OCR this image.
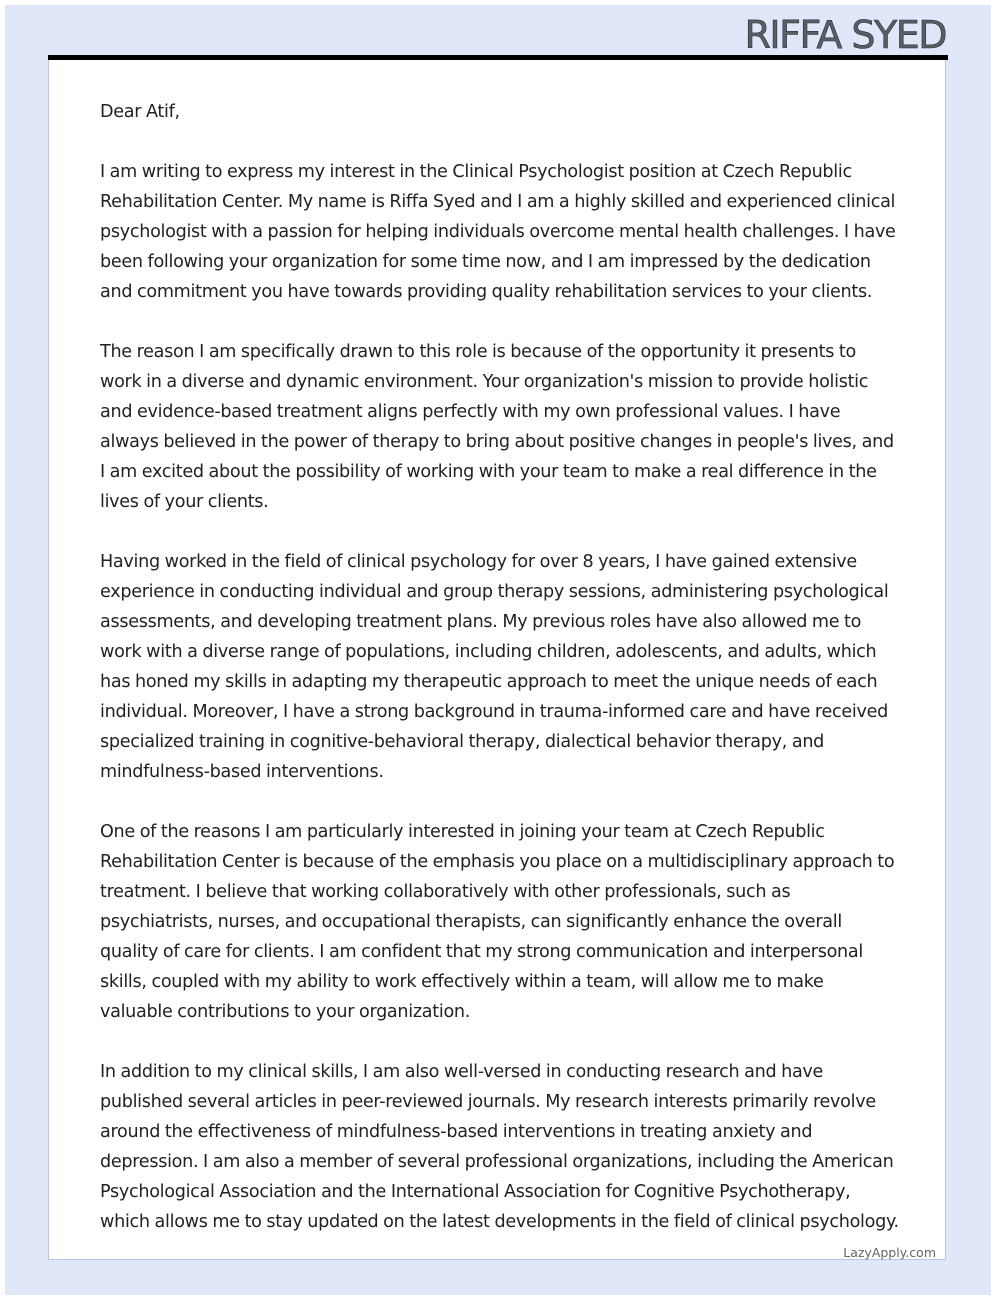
RIFFA SYED

Dear Atif,

I am writing to express my interest in the Clinical Psychologist position at Czech Republic Rehabilitation Center. My name is Riffa Syed and I am a highly skilled and experienced clinical psychologist with a passion for helping individuals overcome mental health challenges. I have been following your organization for some time now, and I am impressed by the dedication and commitment you have towards providing quality rehabilitation services to your clients.

The reason I am specifically drawn to this role is because of the opportunity it presents to work in a diverse and dynamic environment. Your organization's mission to provide holistic and evidence-based treatment aligns perfectly with my own professional values. I have always believed in the power of therapy to bring about positive changes in people's lives, and I am excited about the possibility of working with your team to make a real difference in the lives of your clients.

Having worked in the field of clinical psychology for over 8 years, I have gained extensive experience in conducting individual and group therapy sessions, administering psychological assessments, and developing treatment plans. My previous roles have also allowed me to work with a diverse range of populations, including children, adolescents, and adults, which has honed my skills in adapting my therapeutic approach to meet the unique needs of each individual. Moreover, I have a strong background in trauma-informed care and have received specialized training in cognitive-behavioral therapy, dialectical behavior therapy, and mindfulness-based interventions.

One of the reasons I am particularly interested in joining your team at Czech Republic Rehabilitation Center is because of the emphasis you place on a multidisciplinary approach to treatment. I believe that working collaboratively with other professionals, such as psychiatrists, nurses, and occupational therapists, can significantly enhance the overall quality of care for clients. I am confident that my strong communication and interpersonal skills, coupled with my ability to work effectively within a team, will allow me to make valuable contributions to your organization.

In addition to my clinical skills, I am also well-versed in conducting research and have published several articles in peer-reviewed journals. My research interests primarily revolve around the effectiveness of mindfulness-based interventions in treating anxiety and depression. I am also a member of several professional organizations, including the American Psychological Association and the International Association for Cognitive Psychotherapy, which allows me to stay updated on the latest developments in the field of clinical psychology.

LazyApply.com
